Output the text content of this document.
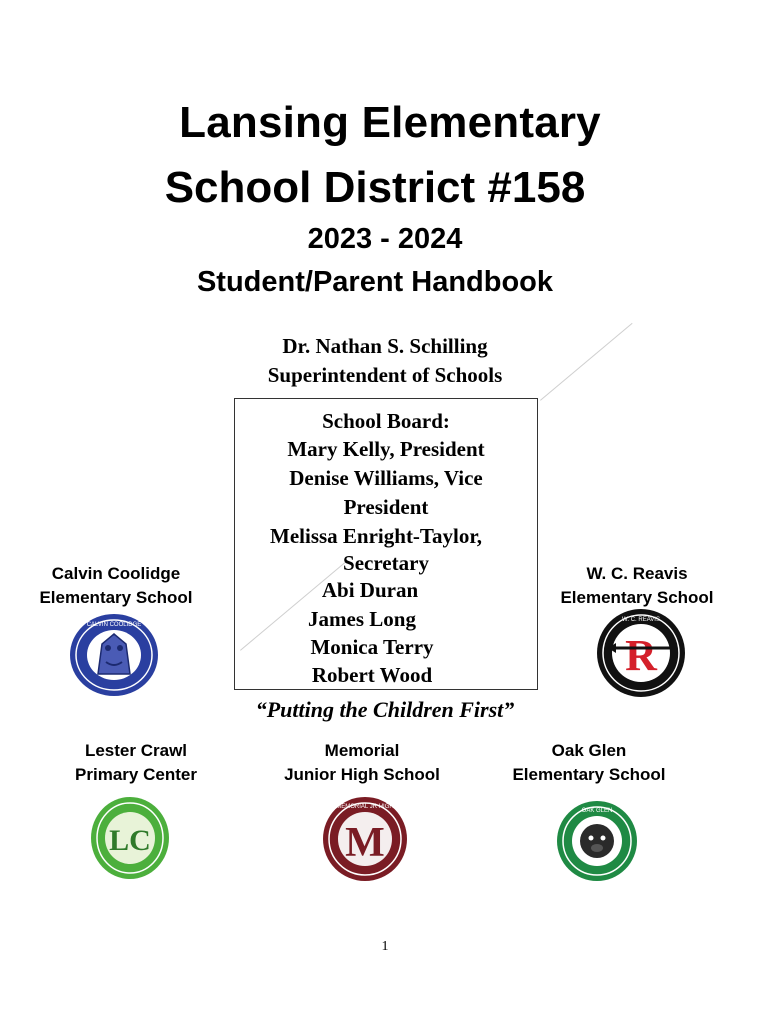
Lansing Elementary
School District #158
2023 - 2024
Student/Parent Handbook
Dr. Nathan S. Schilling
Superintendent of Schools
School Board:
Mary Kelly, President
Denise Williams, Vice
President
Melissa Enright-Taylor,
Secretary
Abi Duran
James Long
Monica Terry
Robert Wood
Calvin Coolidge
Elementary School
CALVIN COOLIDGE
W. C. Reavis
Elementary School
R
W. C. REAVIS
“Putting the Children First”
Lester Crawl
Primary Center
LC
Memorial
Junior High School
M
MEMORIAL JR HIGH
Oak Glen
Elementary School
OAK GLEN
1
